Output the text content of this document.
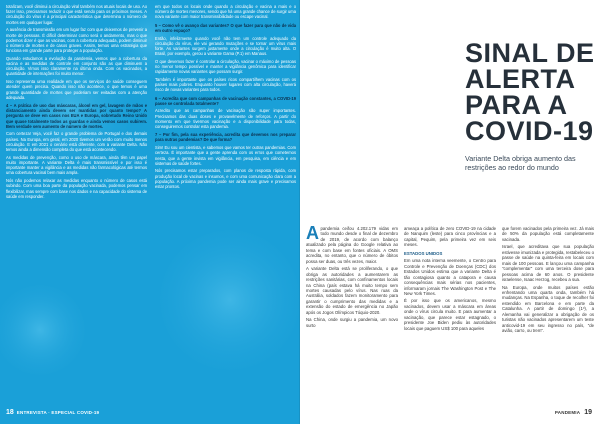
totalizam, você diminui a circulação viral também nos atuais locais de uso. Ao fazer isso, precisamos reduzir o que está sendo para os próximos meses. A circulação do vírus é a principal característica que determina o número de mortes em qualquer lugar.

A ausência de transmissão em um lugar faz com que deixemos de prevenir a morte de pessoas. É difícil determinar como será o andamento, mas o que podemos dizer é que as vacinas, com a cobertura adequada, podem diminuir o número de mortes e de casos graves. Assim, temos uma estratégia que funciona em grande parte para proteger a população.

Quando estudamos a evolução da pandemia, vemos que a cobertura da vacina e as medidas de controle em conjunto são as que diminuem a circulação. Vimos isso claramente na última onda. Com os vacinados, a quantidade de internações foi muito menor.

Isso representa uma realidade em que os serviços de saúde conseguem atender quem precisa. Quando isso não acontece, o que temos é uma grande quantidade de mortes que poderiam ser evitadas com a atenção adequada.

4 – A prática de uso das máscaras, álcool em gel, lavagem de mãos e distanciamento ainda devem ser mantidas por quanto tempo? A pergunta se deve em casos nos EUA e Europa, sobretudo Reino Unido que quase totalmente todos as guardas e ainda vemos casos subirem. Bem verdade sem aumento de número de mortes.

Com certeza! Veja, você faz o grande problema de Portugal e dos demais países. Na Europa, em geral, em 2020 tivemos um verão com muito menos circulação. E em 2021 o cenário está diferente, com a variante Delta. Não temos ainda a dimensão completa do que está acontecendo.

As medidas de prevenção, como o uso de máscara, ainda têm um papel muito importante. A variante Delta é mais transmissível e por isso é importante manter a vigilância e as medidas não farmacológicas até termos uma cobertura vacinal bem mais ampla.

Nós não podemos relaxar as medidas enquanto o número de casos está subindo. Com uma boa parte da população vacinada, podemos pensar em flexibilizar, mas sempre com base nos dados e na capacidade do sistema de saúde em responder.

em que todos os locais onde quando a circulação e vacina a mais e o número de mortes menores, sendo que há uma grande chance de surgir uma nova variante com maior transmissibilidade ou escape vacinal.

5 – Como vê o avanço das variantes? O que fazer para que não de vida em outro espaço?

Então, infelizmente quando você não tem um controle adequado da circulação do vírus, ele vai gerando mutações e se tornar um vírus mais forte. As variantes surgem justamente onde a circulação é muito alta. O Brasil, por exemplo, gerou a variante Gama (P.1) em Manaus.

O que devemos fazer é controlar a circulação, vacinar o máximo de pessoas no menor tempo possível e manter a vigilância genômica para identificar rapidamente novas variantes que possam surgir.

Também é importante que os países ricos compartilhem vacinas com os países mais pobres. Enquanto houver lugares com alta circulação, haverá risco de novas variantes para todos.

6 – Acredita que com campanhas de vacinação constantes, a COVID-19 passe se controlada totalmente?

Acredito que as campanhas de vacinação são super importantes. Precisamos das duas doses e provavelmente de reforços. A partir do momento em que tivermos vacinação e a disponibilidade para todas, conseguiremos controlar esta pandemia.

7 – Por fim, pela sua experiência, acredita que devemos nos preparar para outras pandemias? De que forma?

Sim! Eu sou um cientista, e sabemos que vamos ter outras pandemias. Com certeza. É importante que a gente aprenda com os erros que cometemos nesta, que a gente invista em vigilância, em pesquisa, em ciência e em sistemas de saúde fortes.

Nós precisamos estar preparados, com planos de resposta rápida, com produção local de vacinas e insumos, e com uma comunicação clara com a população. A próxima pandemia pode ser ainda mais grave e precisamos estar prontos.

18 ENTREVISTA · ESPECIAL COVID-19
SINAL DE ALERTA PARA A COVID-19
Variante Delta obriga aumento das restrições ao redor do mundo

Apandemia ceifou 4.202.179 vidas em todo mundo desde o final de dezembro de 2019, de acordo com balanço atualizado pela página do Google relativa ao tema e com base em fontes oficiais. A OMS acredita, no entanto, que o número de óbitos possa ser duas, ou três vezes, maior.

A variante Delta está se proliferando, o que obriga as autoridades a aumentarem as restrições sanitárias, com confinamentos locais na China (país estava há muito tempo sem mortes causadas pelo vírus. Nas ruas da Austrália, soldados fazem monitoramento para garantir o cumprimento das medidas e a extensão do estado de emergência no Japão após os Jogos Olímpicos Tóquio-2020.

Na China, onde surgiu a pandemia, um novo surto

ameaça a política de zero COVID-19 na cidade de Nanquim (leste) para cinco províncias e a capital, Pequim, pela primeira vez em seis meses.

ESTADOS UNIDOS

Em uma nota interna veemente, o Centro para Controle e Prevenção de Doenças (CDC) dos Estados Unidos estima que a variante Delta é tão contagiosa quanto a catapora e causa consequências mais sérias nos pacientes, informaram jornais The Washington Post e The New York Times.

É por isso que os americanos, mesmo vacinados, devem usar a máscara em áreas onde o vírus circula muito. E para aumentar a vacinação, que parece estar estagnado, o presidente Joe Biden pediu às autoridades locais que paguem US$ 100 para aqueles

que forem vacinados pela primeira vez. Já mais de 50% da população está completamente vacinada.

Israel, que acreditava que sua população estivesse imunizada e protegida, restabeleceu o passe de saúde na quinta-feira em locais com mais de 100 pessoas. E lançou uma campanha "complementar" com uma terceira dose para pessoas acima de 60 anos. O presidente israelense, Isaac Herzog, recebeu a sua.

Na Europa, onde muitos países estão enfrentando uma quarta onda, também há mudanças. Na Espanha, o toque de recolher foi estendido em Barcelona e em parte da Catalunha. A partir de domingo (1º), a Alemanha vai generalizar a obrigação de os turistas não vacinados apresentarem um teste anticovid-19 em seu ingresso no país, "de avião, carro, ou trem".

PANDEMIA 19
